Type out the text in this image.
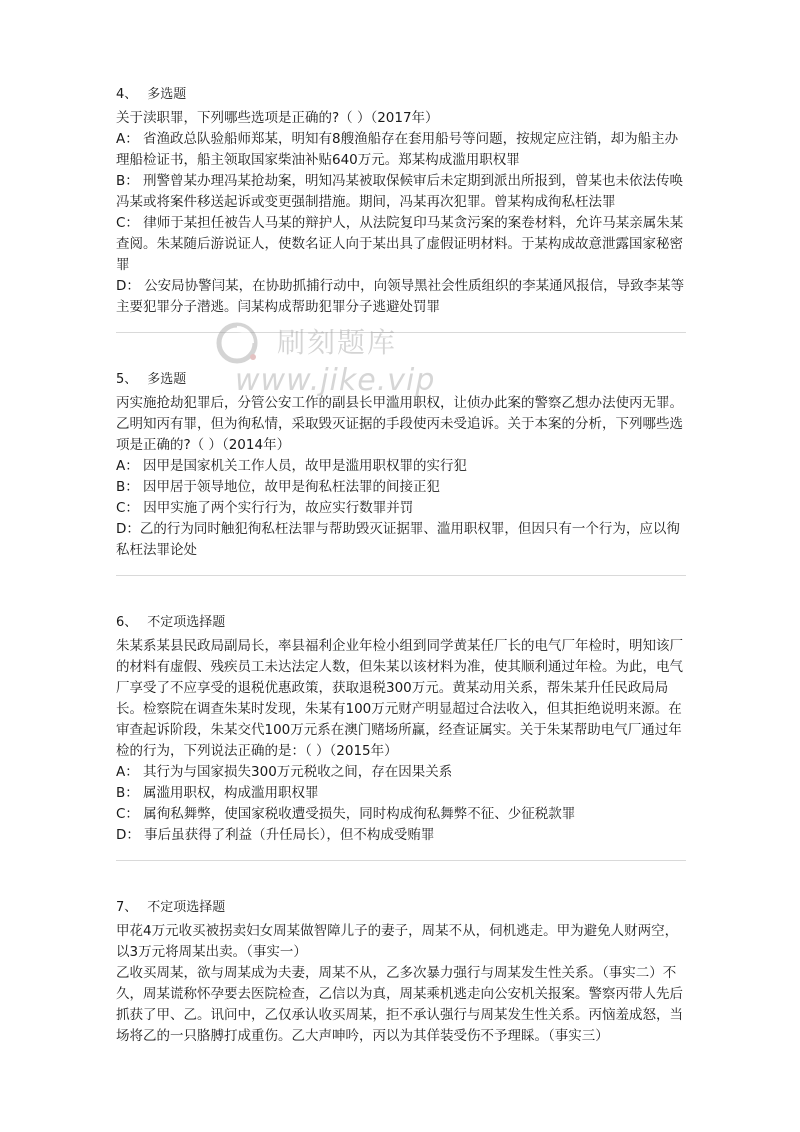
4、 多选题

关于渎职罪，下列哪些选项是正确的?（ ）（2017年）

A： 省渔政总队验船师郑某，明知有8艘渔船存在套用船号等问题，按规定应注销，却为船主办理船检证书，船主领取国家柴油补贴640万元。郑某构成滥用职权罪

B： 刑警曾某办理冯某抢劫案，明知冯某被取保候审后未定期到派出所报到，曾某也未依法传唤冯某或将案件移送起诉或变更强制措施。期间，冯某再次犯罪。曾某构成徇私枉法罪

C： 律师于某担任被告人马某的辩护人，从法院复印马某贪污案的案卷材料，允许马某亲属朱某查阅。朱某随后游说证人，使数名证人向于某出具了虚假证明材料。于某构成故意泄露国家秘密罪

D： 公安局协警闫某，在协助抓捕行动中，向领导黑社会性质组织的李某通风报信，导致李某等主要犯罪分子潜逃。闫某构成帮助犯罪分子逃避处罚罪

5、 多选题

丙实施抢劫犯罪后，分管公安工作的副县长甲滥用职权，让侦办此案的警察乙想办法使丙无罪。乙明知丙有罪，但为徇私情，采取毁灭证据的手段使丙未受追诉。关于本案的分析，下列哪些选项是正确的?（ ）（2014年）

A： 因甲是国家机关工作人员，故甲是滥用职权罪的实行犯

B： 因甲居于领导地位，故甲是徇私枉法罪的间接正犯

C： 因甲实施了两个实行行为，故应实行数罪并罚

D：乙的行为同时触犯徇私枉法罪与帮助毁灭证据罪、滥用职权罪，但因只有一个行为，应以徇私枉法罪论处

6、 不定项选择题

朱某系某县民政局副局长，率县福利企业年检小组到同学黄某任厂长的电气厂年检时，明知该厂的材料有虚假、残疾员工未达法定人数，但朱某以该材料为准，使其顺利通过年检。为此，电气厂享受了不应享受的退税优惠政策，获取退税300万元。黄某动用关系，帮朱某升任民政局局长。检察院在调查朱某时发现，朱某有100万元财产明显超过合法收入，但其拒绝说明来源。在审查起诉阶段，朱某交代100万元系在澳门赌场所赢，经查证属实。关于朱某帮助电气厂通过年检的行为，下列说法正确的是：（ ）（2015年）

A： 其行为与国家损失300万元税收之间，存在因果关系

B： 属滥用职权，构成滥用职权罪

C： 属徇私舞弊，使国家税收遭受损失，同时构成徇私舞弊不征、少征税款罪

D： 事后虽获得了利益（升任局长），但不构成受贿罪

7、 不定项选择题

甲花4万元收买被拐卖妇女周某做智障儿子的妻子，周某不从，伺机逃走。甲为避免人财两空，以3万元将周某出卖。（事实一）

乙收买周某，欲与周某成为夫妻，周某不从，乙多次暴力强行与周某发生性关系。（事实二）不久，周某谎称怀孕要去医院检查，乙信以为真，周某乘机逃走向公安机关报案。警察丙带人先后抓获了甲、乙。讯问中，乙仅承认收买周某，拒不承认强行与周某发生性关系。丙恼羞成怒，当场将乙的一只胳膊打成重伤。乙大声呻吟，丙以为其佯装受伤不予理睬。（事实三）

刷刻题库
www.jike.vip
